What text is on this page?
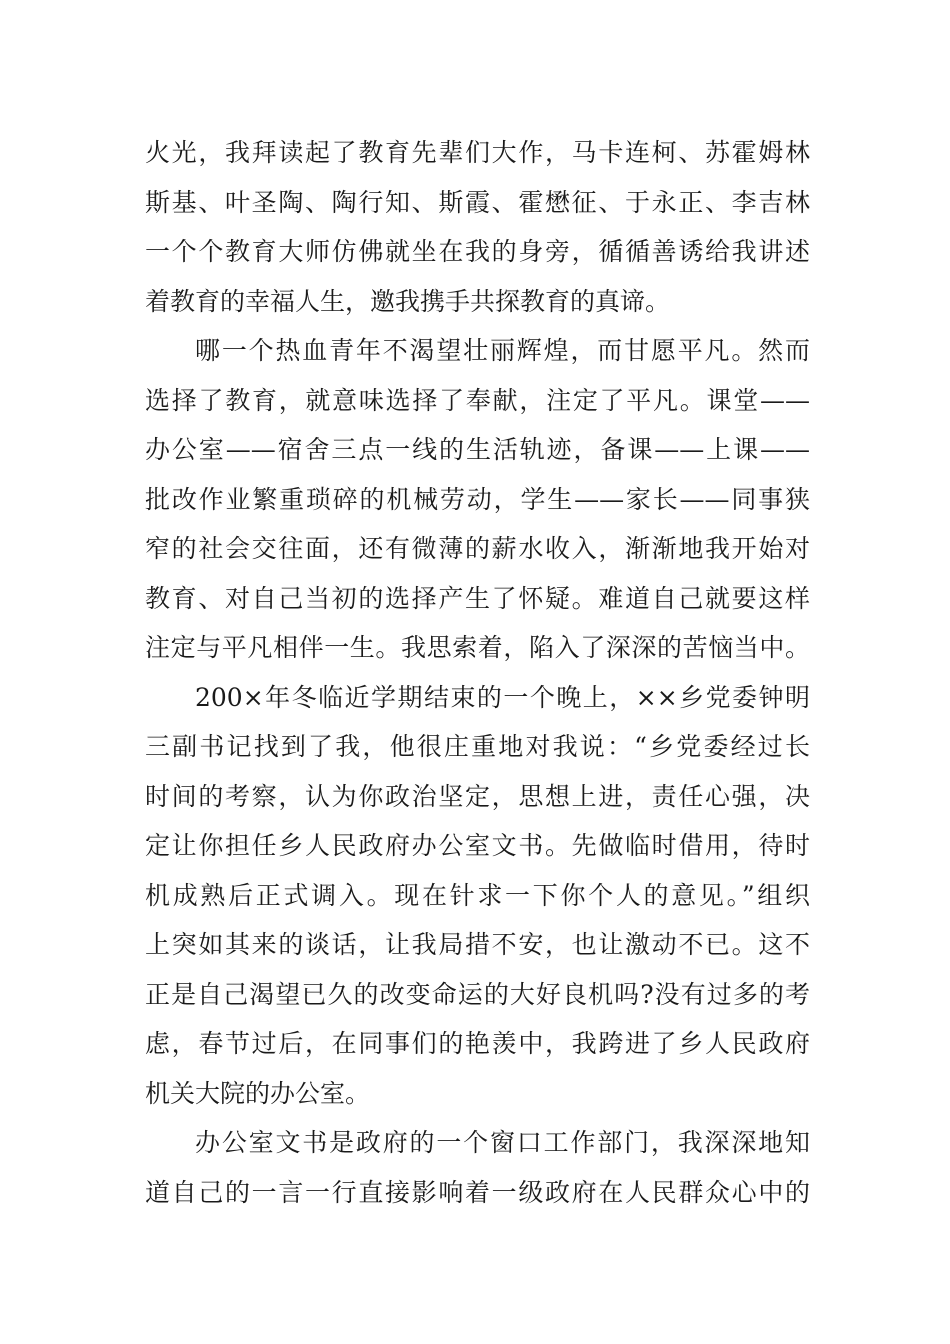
火光，我拜读起了教育先辈们大作，马卡连柯、苏霍姆林
斯基、叶圣陶、陶行知、斯霞、霍懋征、于永正、李吉林
一个个教育大师仿佛就坐在我的身旁，循循善诱给我讲述
着教育的幸福人生，邀我携手共探教育的真谛。
哪一个热血青年不渴望壮丽辉煌，而甘愿平凡。然而
选择了教育，就意味选择了奉献，注定了平凡。课堂——
办公室——宿舍三点一线的生活轨迹，备课——上课——
批改作业繁重琐碎的机械劳动，学生——家长——同事狭
窄的社会交往面，还有微薄的薪水收入，渐渐地我开始对
教育、对自己当初的选择产生了怀疑。难道自己就要这样
注定与平凡相伴一生。我思索着，陷入了深深的苦恼当中。
200×年冬临近学期结束的一个晚上，××乡党委钟明
三副书记找到了我，他很庄重地对我说：“乡党委经过长
时间的考察，认为你政治坚定，思想上进，责任心强，决
定让你担任乡人民政府办公室文书。先做临时借用，待时
机成熟后正式调入。现在针求一下你个人的意见。”组织
上突如其来的谈话，让我局措不安，也让激动不已。这不
正是自己渴望已久的改变命运的大好良机吗?没有过多的考
虑，春节过后，在同事们的艳羡中，我跨进了乡人民政府
机关大院的办公室。
办公室文书是政府的一个窗口工作部门，我深深地知
道自己的一言一行直接影响着一级政府在人民群众心中的
